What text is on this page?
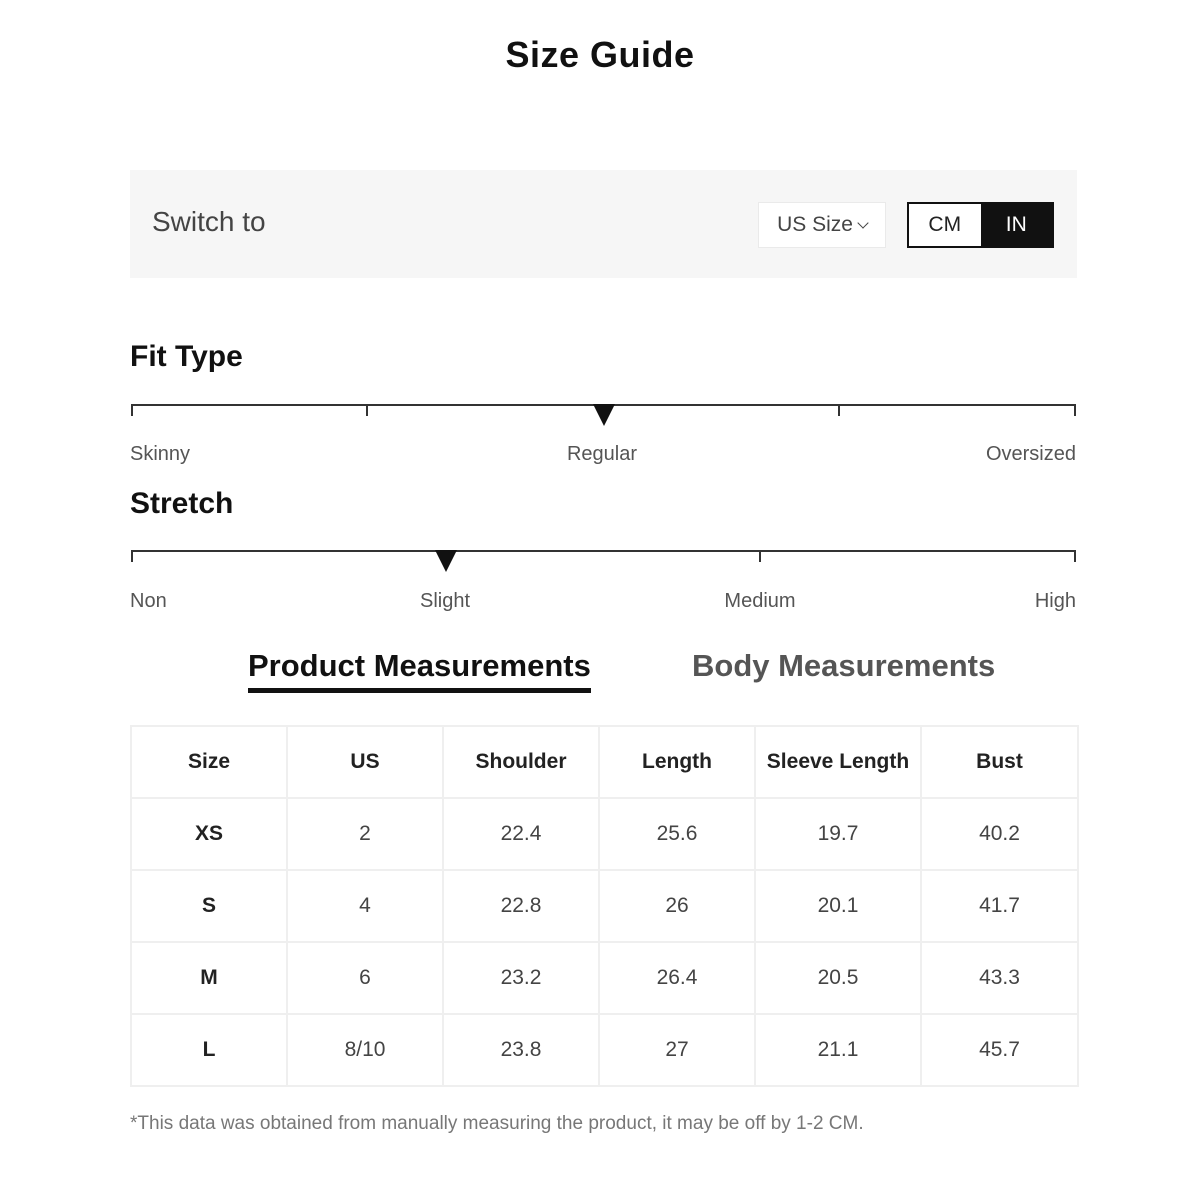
Size Guide
Switch to	US Size	CM	IN
Fit Type
Skinny	Regular	Oversized
Stretch
Non	Slight	Medium	High
Product Measurements	Body Measurements
Size	US	Shoulder	Length	Sleeve Length	Bust
XS	2	22.4	25.6	19.7	40.2
S	4	22.8	26	20.1	41.7
M	6	23.2	26.4	20.5	43.3
L	8/10	23.8	27	21.1	45.7
*This data was obtained from manually measuring the product, it may be off by 1-2 CM.
